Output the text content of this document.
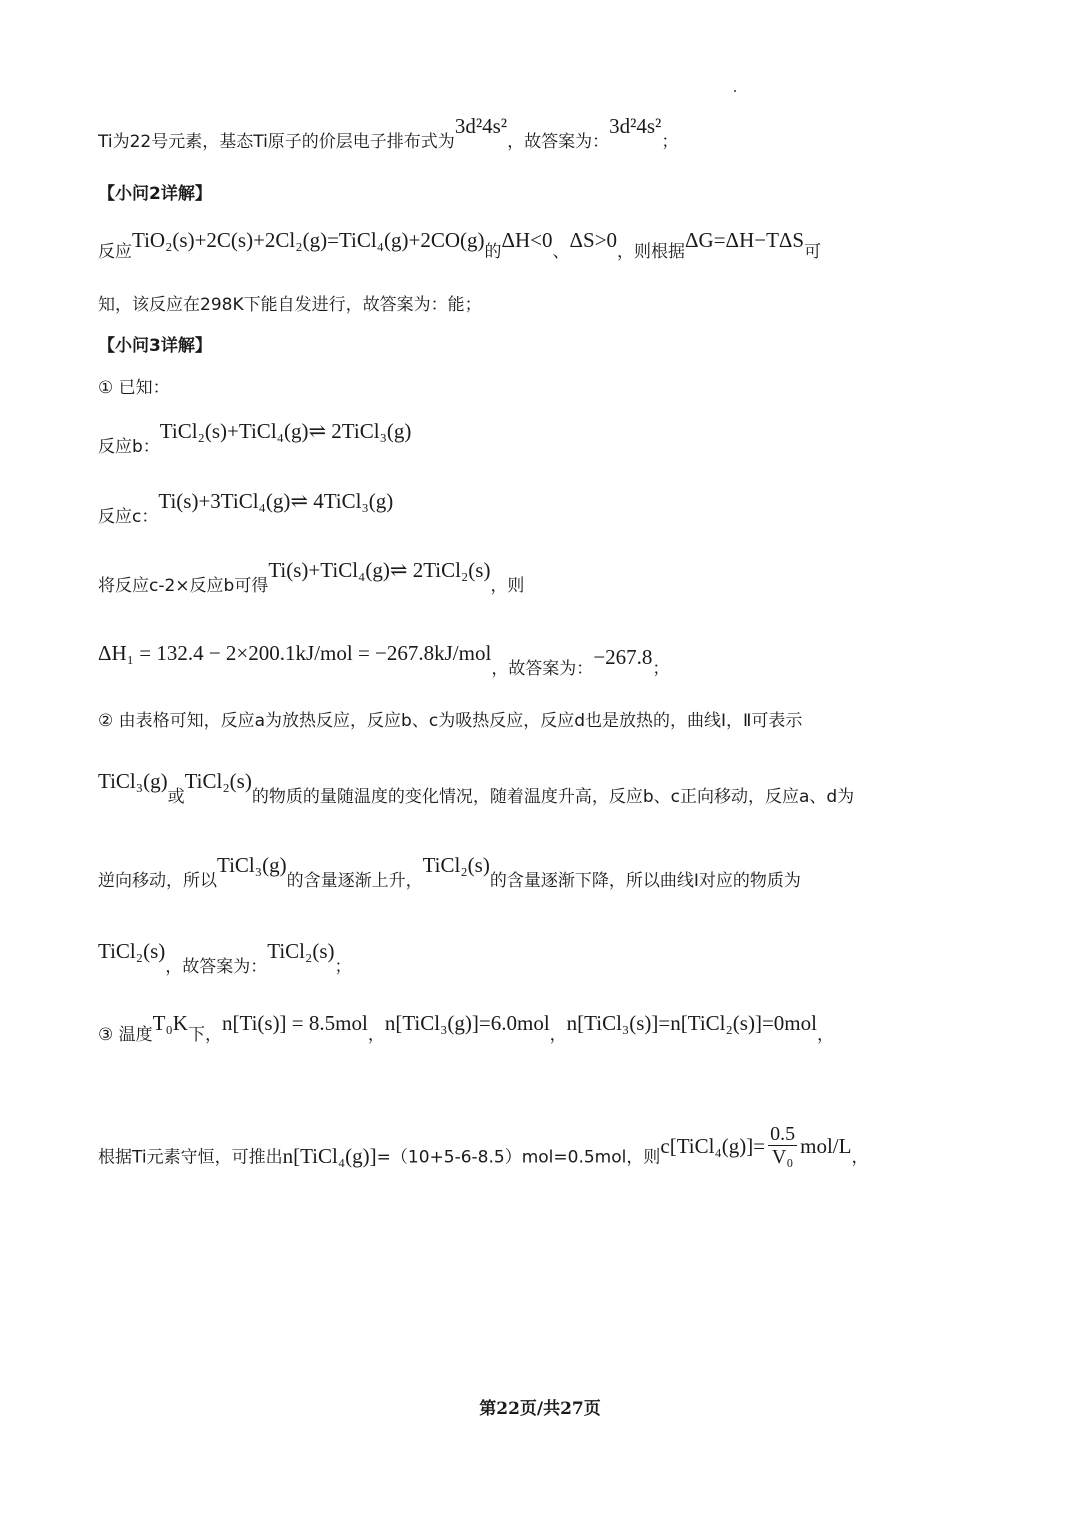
Ti为22号元素，基态Ti原子的价层电子排布式为3d²4s²，故答案为：3d²4s²；
【小问2详解】
反应TiO₂(s)+2C(s)+2Cl₂(g)=TiCl₄(g)+2CO(g)的ΔH<0、ΔS>0，则根据ΔG=ΔH−TΔS可
知，该反应在298K下能自发进行，故答案为：能；
【小问3详解】
① 已知：
反应b：TiCl₂(s)+TiCl₄(g)⇌ 2TiCl₃(g)
反应c：Ti(s)+3TiCl₄(g)⇌ 4TiCl₃(g)
将反应c-2×反应b可得Ti(s)+TiCl₄(g)⇌ 2TiCl₂(s)，则
ΔH₁ = 132.4 − 2×200.1kJ/mol = −267.8kJ/mol，故答案为：−267.8；
② 由表格可知，反应a为放热反应，反应b、c为吸热反应，反应d也是放热的，曲线Ⅰ，Ⅱ可表示
TiCl₃(g)或TiCl₂(s)的物质的量随温度的变化情况，随着温度升高，反应b、c正向移动，反应a、d为
逆向移动，所以TiCl₃(g)的含量逐渐上升，TiCl₂(s)的含量逐渐下降，所以曲线Ⅰ对应的物质为
TiCl₂(s)，故答案为：TiCl₂(s)；
③ 温度T₀K下，n[Ti(s)] = 8.5mol，n[TiCl₃(g)]=6.0mol，n[TiCl₃(s)]=n[TiCl₂(s)]=0mol，
根据Ti元素守恒，可推出n[TiCl₄(g)]=（10+5-6-8.5）mol=0.5mol，则c[TiCl₄(g)]= $\frac{0.5}{\text{V₀}} mol/L$，
第22页/共27页
